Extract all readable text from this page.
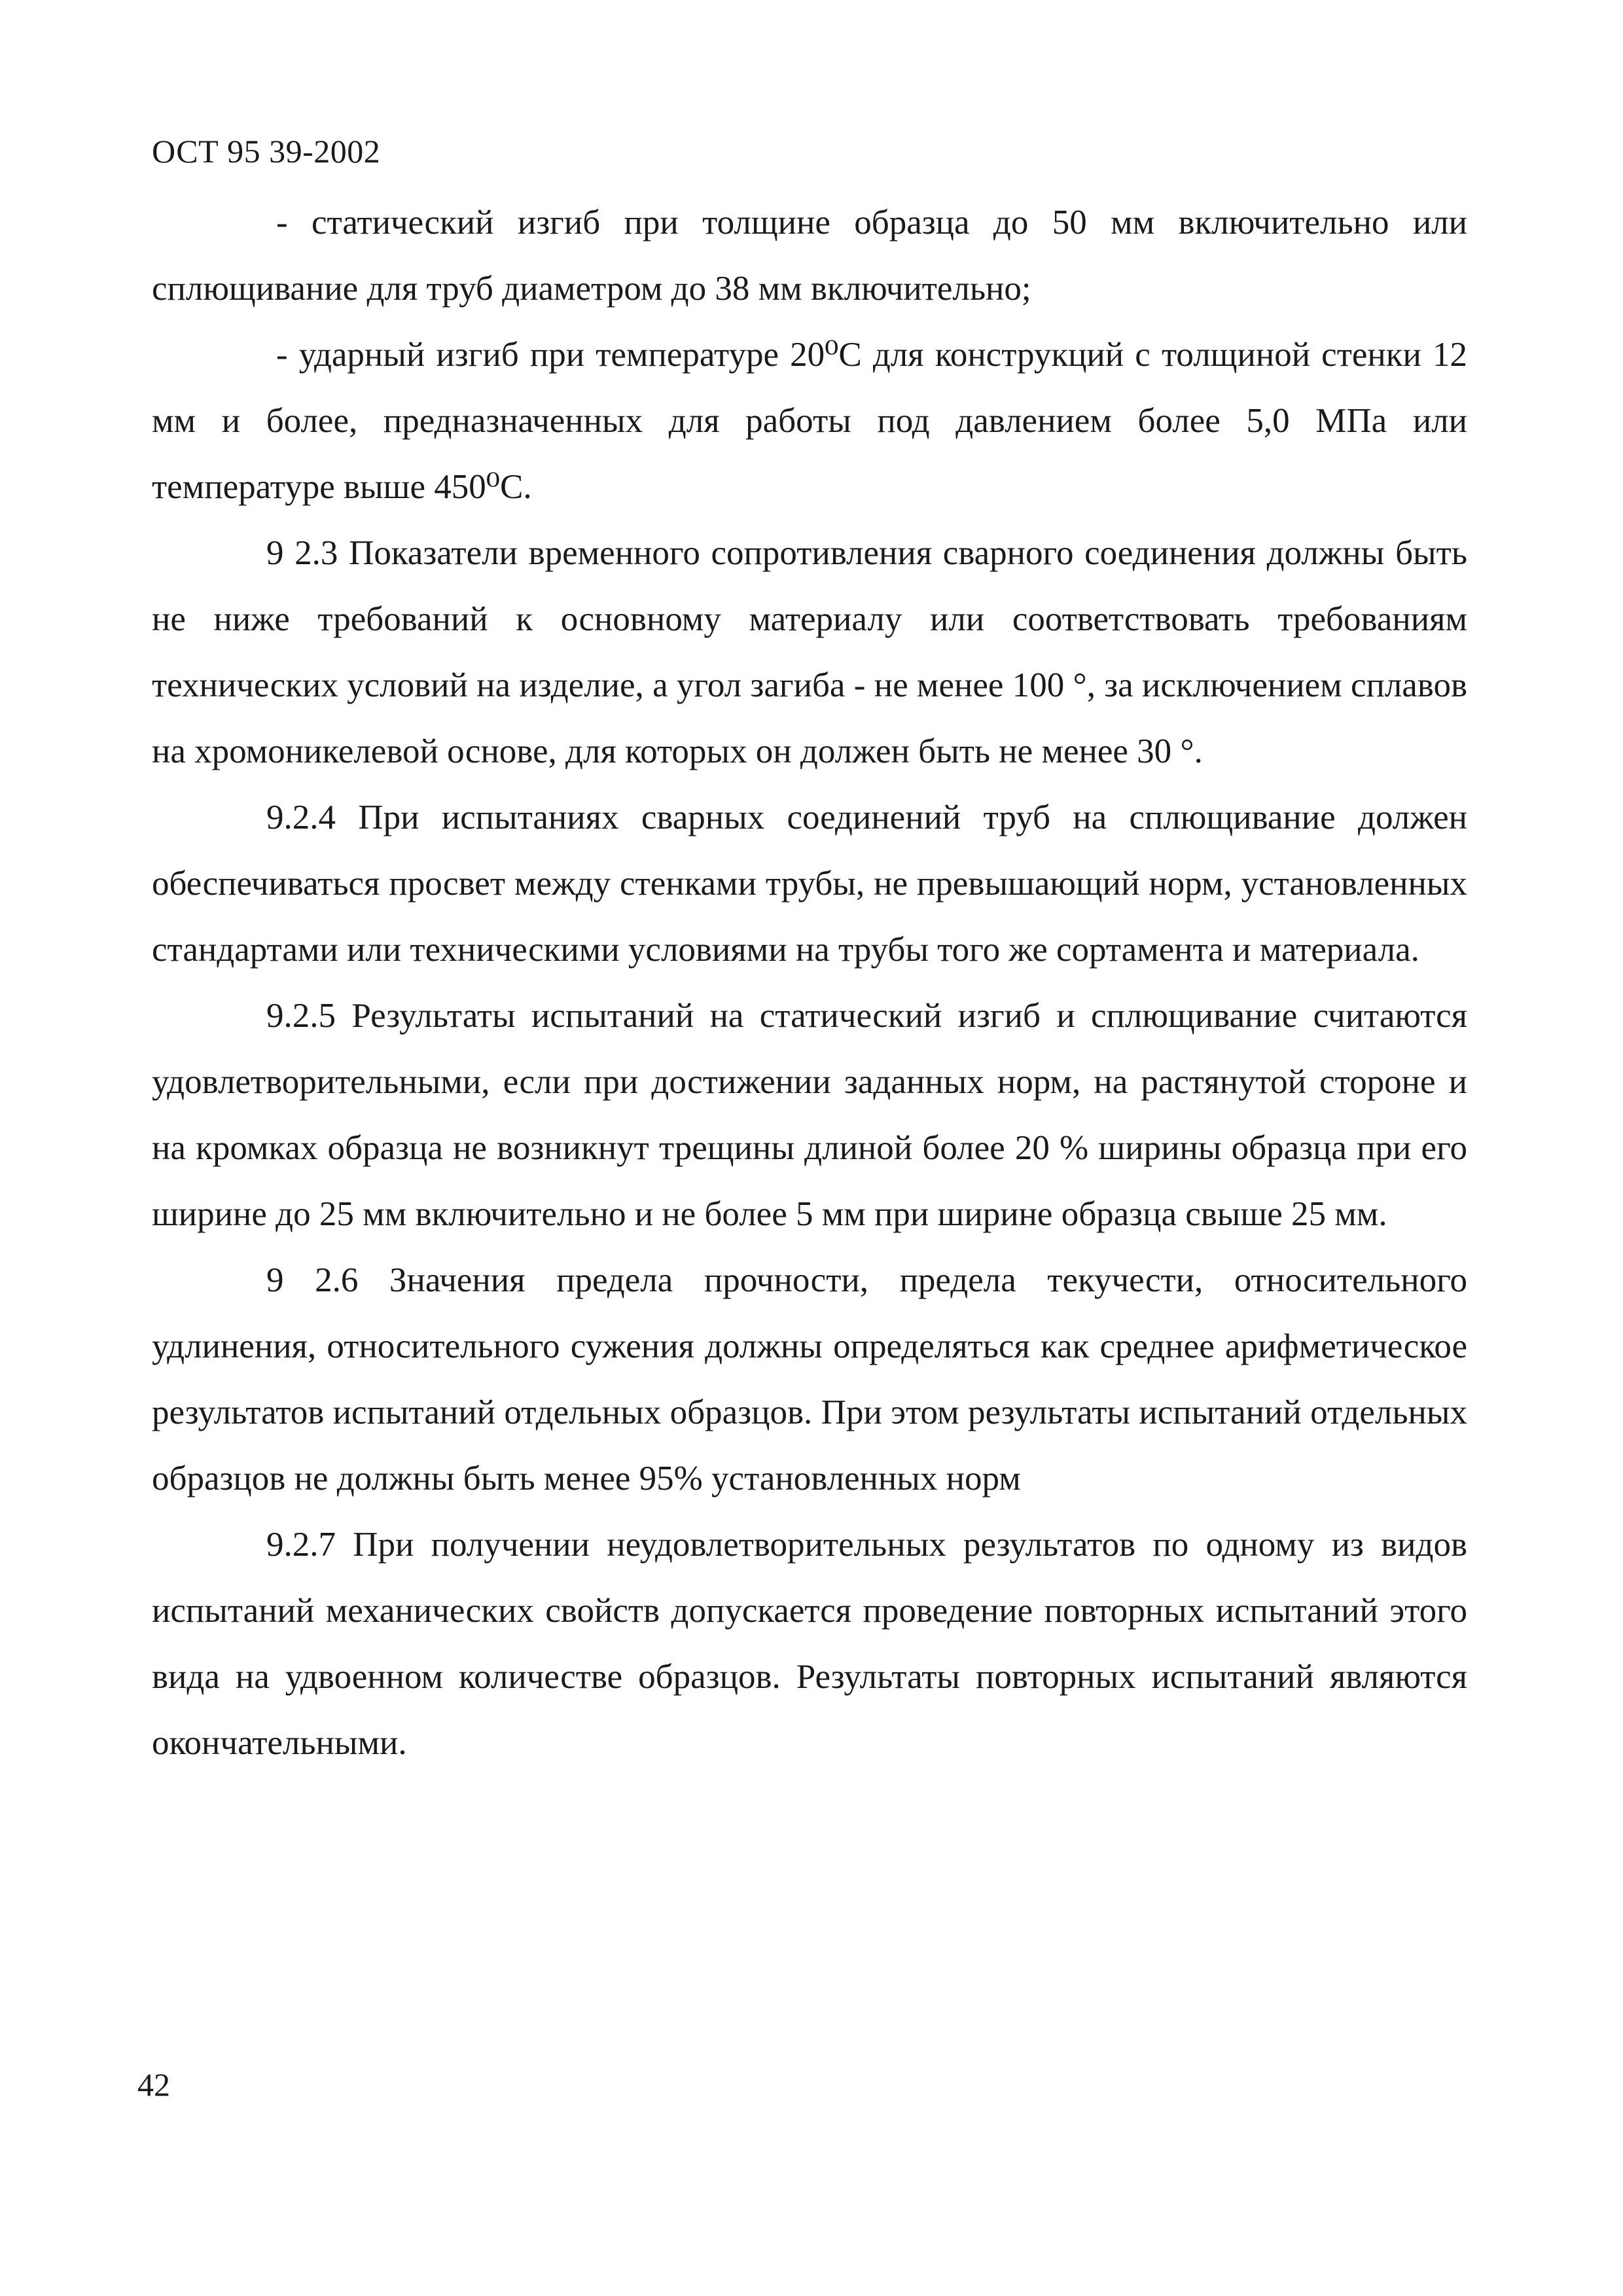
ОСТ 95 39-2002

- статический изгиб при толщине образца до 50 мм включительно или сплющивание для труб диаметром до 38 мм включительно;

- ударный изгиб при температуре 20⁰С для конструкций с толщиной стенки 12 мм и более, предназначенных для работы под давлением более 5,0 МПа или температуре выше 450⁰С.

9 2.3 Показатели временного сопротивления сварного соединения должны быть не ниже требований к основному материалу или соответствовать требованиям технических условий на изделие, а угол загиба - не менее 100 °, за исключением сплавов на хромоникелевой основе, для которых он должен быть не менее 30 °.

9.2.4 При испытаниях сварных соединений труб на сплющивание должен обеспечиваться просвет между стенками трубы, не превышающий норм, установленных стандартами или техническими условиями на трубы того же сортамента и материала.

9.2.5 Результаты испытаний на статический изгиб и сплющивание считаются удовлетворительными, если при достижении заданных норм, на растянутой стороне и на кромках образца не возникнут трещины длиной более 20 % ширины образца при его ширине до 25 мм включительно и не более 5 мм при ширине образца свыше 25 мм.

9 2.6 Значения предела прочности, предела текучести, относительного удлинения, относительного сужения должны определяться как среднее арифметическое результатов испытаний отдельных образцов. При этом результаты испытаний отдельных образцов не должны быть менее 95% установленных норм

9.2.7 При получении неудовлетворительных результатов по одному из видов испытаний механических свойств допускается проведение повторных испытаний этого вида на удвоенном количестве образцов. Результаты повторных испытаний являются окончательными.

42
